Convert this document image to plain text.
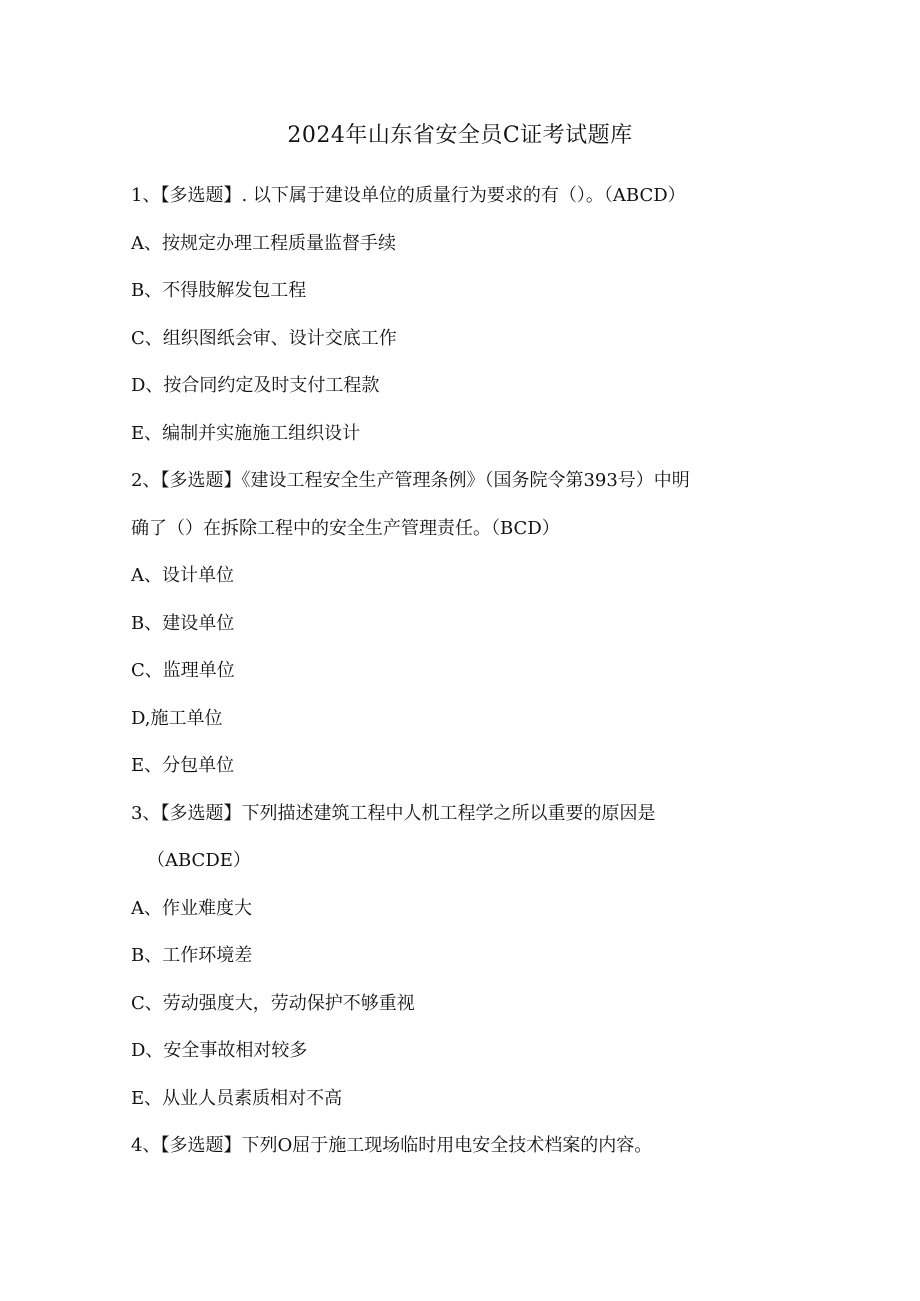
2024年山东省安全员C证考试题库
1、【多选题】. 以下属于建设单位的质量行为要求的有（）。（ABCD）
A、按规定办理工程质量监督手续
B、不得肢解发包工程
C、组织图纸会审、设计交底工作
D、按合同约定及时支付工程款
E、编制并实施施工组织设计
2、【多选题】《建设工程安全生产管理条例》（国务院令第393号）中明
确了（）在拆除工程中的安全生产管理责任。（BCD）
A、设计单位
B、建设单位
C、监理单位
D,施工单位
E、分包单位
3、【多选题】下列描述建筑工程中人机工程学之所以重要的原因是
（ABCDE）
A、作业难度大
B、工作环境差
C、劳动强度大，劳动保护不够重视
D、安全事故相对较多
E、从业人员素质相对不高
4、【多选题】下列O屈于施工现场临时用电安全技术档案的内容。
